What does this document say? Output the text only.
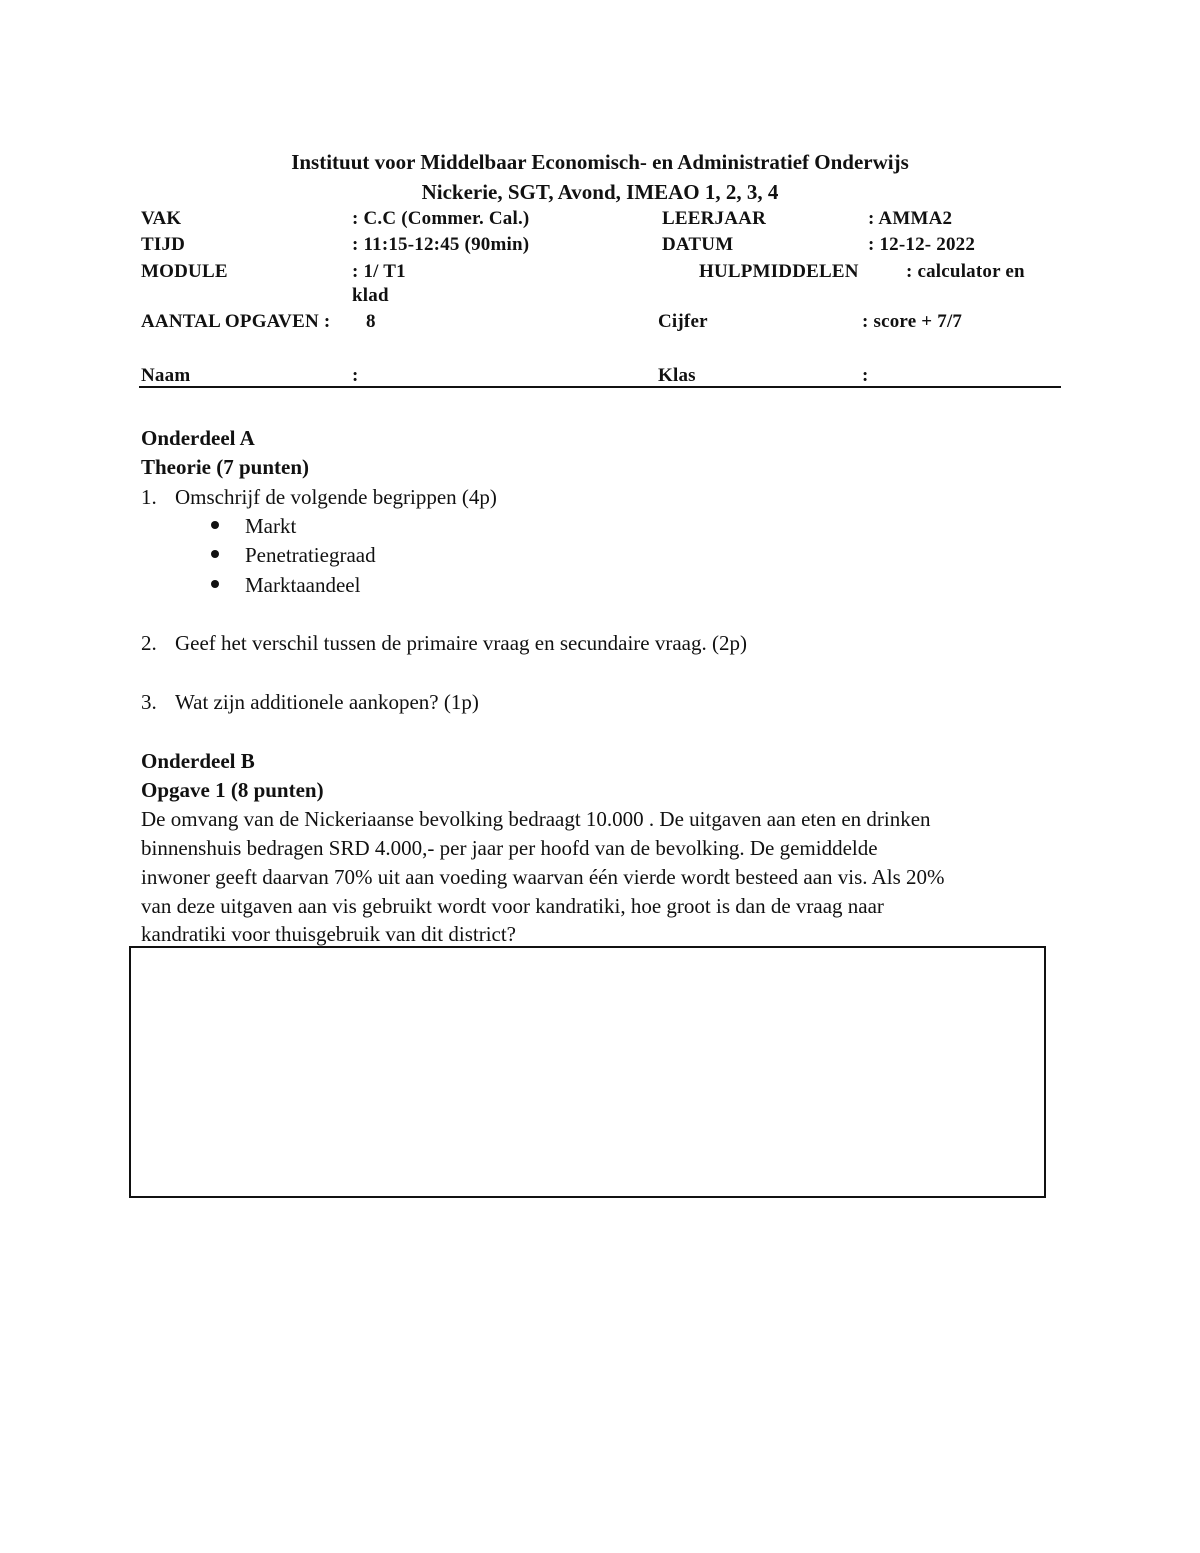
Instituut voor Middelbaar Economisch- en Administratief Onderwijs
Nickerie, SGT, Avond, IMEAO 1, 2, 3, 4
VAK	: C.C (Commer. Cal.)	LEERJAAR	: AMMA2
TIJD	: 11:15-12:45 (90min)	DATUM	: 12-12- 2022
MODULE	: 1/ T1	HULPMIDDELEN : calculator en
klad
AANTAL OPGAVEN : 8	Cijfer	: score + 7/7
Naam	:	Klas	:
Onderdeel A
Theorie (7 punten)
1. Omschrijf de volgende begrippen (4p)
Markt
Penetratiegraad
Marktaandeel
2. Geef het verschil tussen de primaire vraag en secundaire vraag. (2p)
3. Wat zijn additionele aankopen? (1p)
Onderdeel B
Opgave 1 (8 punten)
De omvang van de Nickeriaanse bevolking bedraagt 10.000 . De uitgaven aan eten en drinken
binnenshuis bedragen SRD 4.000,- per jaar per hoofd van de bevolking. De gemiddelde
inwoner geeft daarvan 70% uit aan voeding waarvan één vierde wordt besteed aan vis. Als 20%
van deze uitgaven aan vis gebruikt wordt voor kandratiki, hoe groot is dan de vraag naar
kandratiki voor thuisgebruik van dit district?
